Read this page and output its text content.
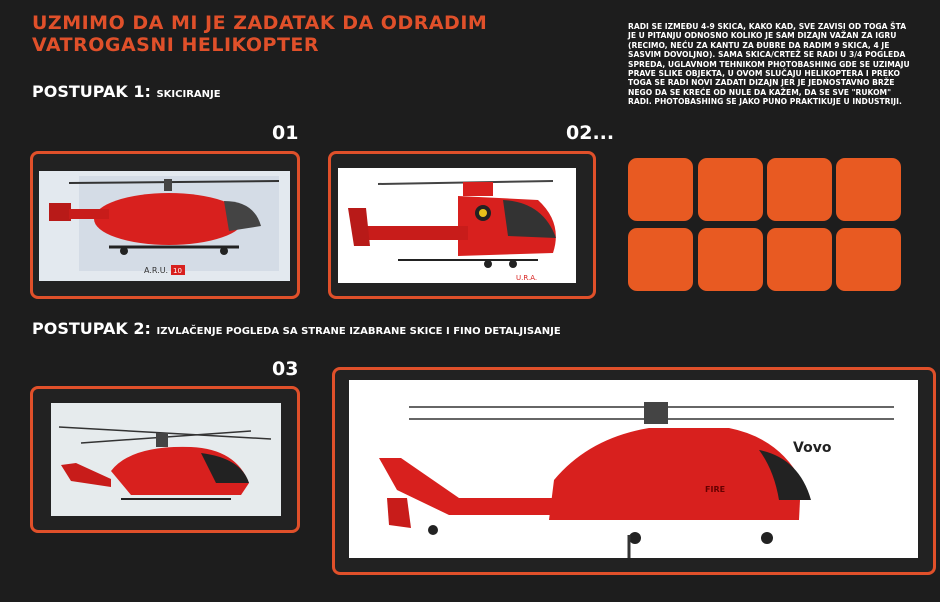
UZMIMO DA MI JE ZADATAK DA ODRADIM
VATROGASNI HELIKOPTER
POSTUPAK 1: SKICIRANJE
01	02...
RADI SE IZMEĐU 4-9 SKICA, KAKO KAD, SVE ZAVISI OD TOGA ŠTA JE U PITANJU ODNOSNO KOLIKO JE SAM DIZAJN VAŽAN ZA IGRU (RECIMO, NEĆU ZA KANTU ZA ĐUBRE DA RADIM 9 SKICA, 4 JE SASVIM DOVOLJNO). SAMA SKICA/CRTEŽ SE RADI U 3/4 POGLEDA SPREDA, UGLAVNOM TEHNIKOM PHOTOBASHING GDE SE UZIMAJU PRAVE SLIKE OBJEKTA, U OVOM SLUČAJU HELIKOPTERA I PREKO TOGA SE RADI NOVI ZADATI DIZAJN JER JE JEDNOSTAVNO BRŽE NEGO DA SE KREĆE OD NULE DA KAŽEM, DA SE SVE "RUKOM" RADI. PHOTOBASHING SE JAKO PUNO PRAKTIKUJE U INDUSTRIJI.
A.R.U. 10
U.R.A.
POSTUPAK 2: IZVLAČENJE POGLEDA SA STRANE IZABRANE SKICE I FINO DETALJISANJE
03
FIRE
Vovo
